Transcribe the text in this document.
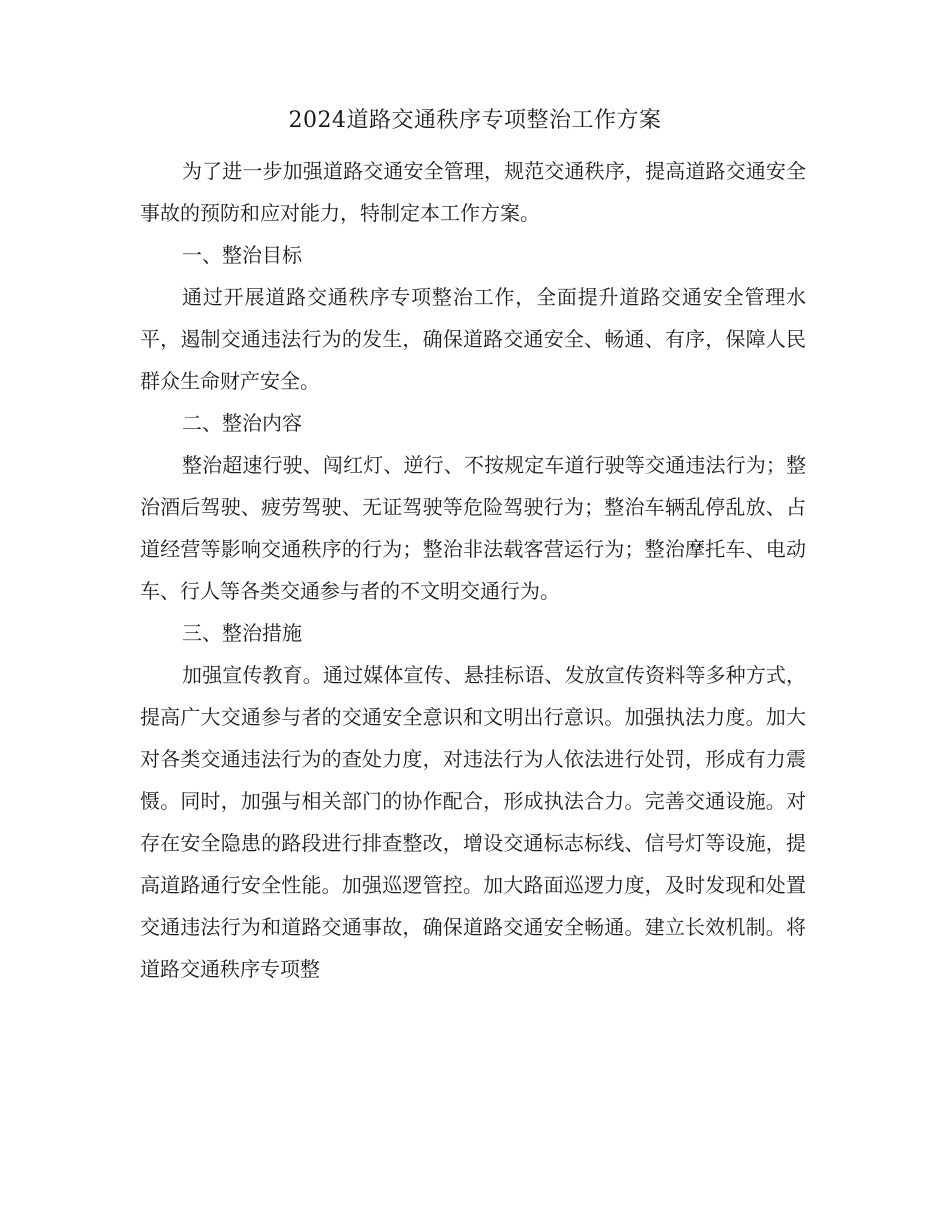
2024道路交通秩序专项整治工作方案

为了进一步加强道路交通安全管理，规范交通秩序，提高道路交通安全事故的预防和应对能力，特制定本工作方案。

一、整治目标

通过开展道路交通秩序专项整治工作，全面提升道路交通安全管理水平，遏制交通违法行为的发生，确保道路交通安全、畅通、有序，保障人民群众生命财产安全。

二、整治内容

整治超速行驶、闯红灯、逆行、不按规定车道行驶等交通违法行为；整治酒后驾驶、疲劳驾驶、无证驾驶等危险驾驶行为；整治车辆乱停乱放、占道经营等影响交通秩序的行为；整治非法载客营运行为；整治摩托车、电动车、行人等各类交通参与者的不文明交通行为。

三、整治措施

加强宣传教育。通过媒体宣传、悬挂标语、发放宣传资料等多种方式，提高广大交通参与者的交通安全意识和文明出行意识。加强执法力度。加大对各类交通违法行为的查处力度，对违法行为人依法进行处罚，形成有力震慑。同时，加强与相关部门的协作配合，形成执法合力。完善交通设施。对存在安全隐患的路段进行排查整改，增设交通标志标线、信号灯等设施，提高道路通行安全性能。加强巡逻管控。加大路面巡逻力度，及时发现和处置交通违法行为和道路交通事故，确保道路交通安全畅通。建立长效机制。将道路交通秩序专项整
